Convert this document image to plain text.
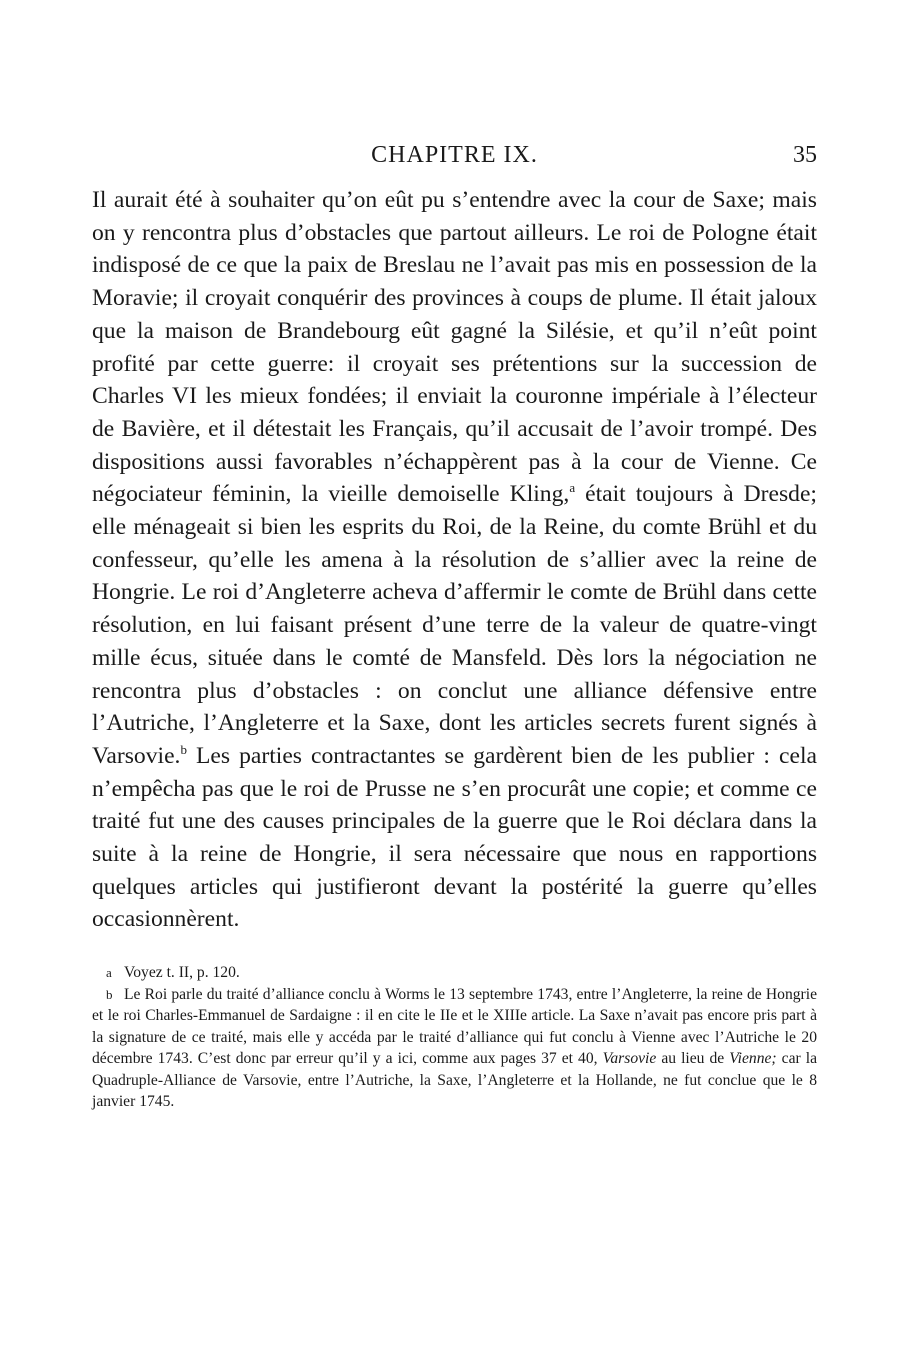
CHAPITRE IX.	35

Il aurait été à souhaiter qu’on eût pu s’entendre avec la cour de Saxe; mais on y rencontra plus d’obstacles que partout ailleurs. Le roi de Pologne était indisposé de ce que la paix de Breslau ne l’avait pas mis en possession de la Moravie; il croyait conquérir des provinces à coups de plume. Il était jaloux que la maison de Brandebourg eût gagné la Silésie, et qu’il n’eût point profité par cette guerre: il croyait ses prétentions sur la succession de Charles VI les mieux fondées; il enviait la couronne impériale à l’électeur de Bavière, et il détestait les Français, qu’il accusait de l’avoir trompé. Des dispositions aussi favorables n’échappèrent pas à la cour de Vienne. Ce négociateur féminin, la vieille demoiselle Kling,$^a$ était toujours à Dresde; elle ménageait si bien les esprits du Roi, de la Reine, du comte Brühl et du confesseur, qu’elle les amena à la résolution de s’allier avec la reine de Hongrie. Le roi d’Angleterre acheva d’affermir le comte de Brühl dans cette résolution, en lui faisant présent d’une terre de la valeur de quatre-vingt mille écus, située dans le comté de Mansfeld. Dès lors la négociation ne rencontra plus d’obstacles : on conclut une alliance défensive entre l’Autriche, l’Angleterre et la Saxe, dont les articles secrets furent signés à Varsovie.$^b$ Les parties contractantes se gardèrent bien de les publier : cela n’empêcha pas que le roi de Prusse ne s’en procurât une copie; et comme ce traité fut une des causes principales de la guerre que le Roi déclara dans la suite à la reine de Hongrie, il sera nécessaire que nous en rapportions quelques articles qui justifieront devant la postérité la guerre qu’elles occasionnèrent.

a Voyez t. II, p. 120.

b Le Roi parle du traité d’alliance conclu à Worms le 13 septembre 1743, entre l’Angleterre, la reine de Hongrie et le roi Charles-Emmanuel de Sardaigne : il en cite le IIe et le XIIIe article. La Saxe n’avait pas encore pris part à la signature de ce traité, mais elle y accéda par le traité d’alliance qui fut conclu à Vienne avec l’Autriche le 20 décembre 1743. C’est donc par erreur qu’il y a ici, comme aux pages 37 et 40, Varsovie au lieu de Vienne; car la Quadruple-Alliance de Varsovie, entre l’Autriche, la Saxe, l’Angleterre et la Hollande, ne fut conclue que le 8 janvier 1745.
